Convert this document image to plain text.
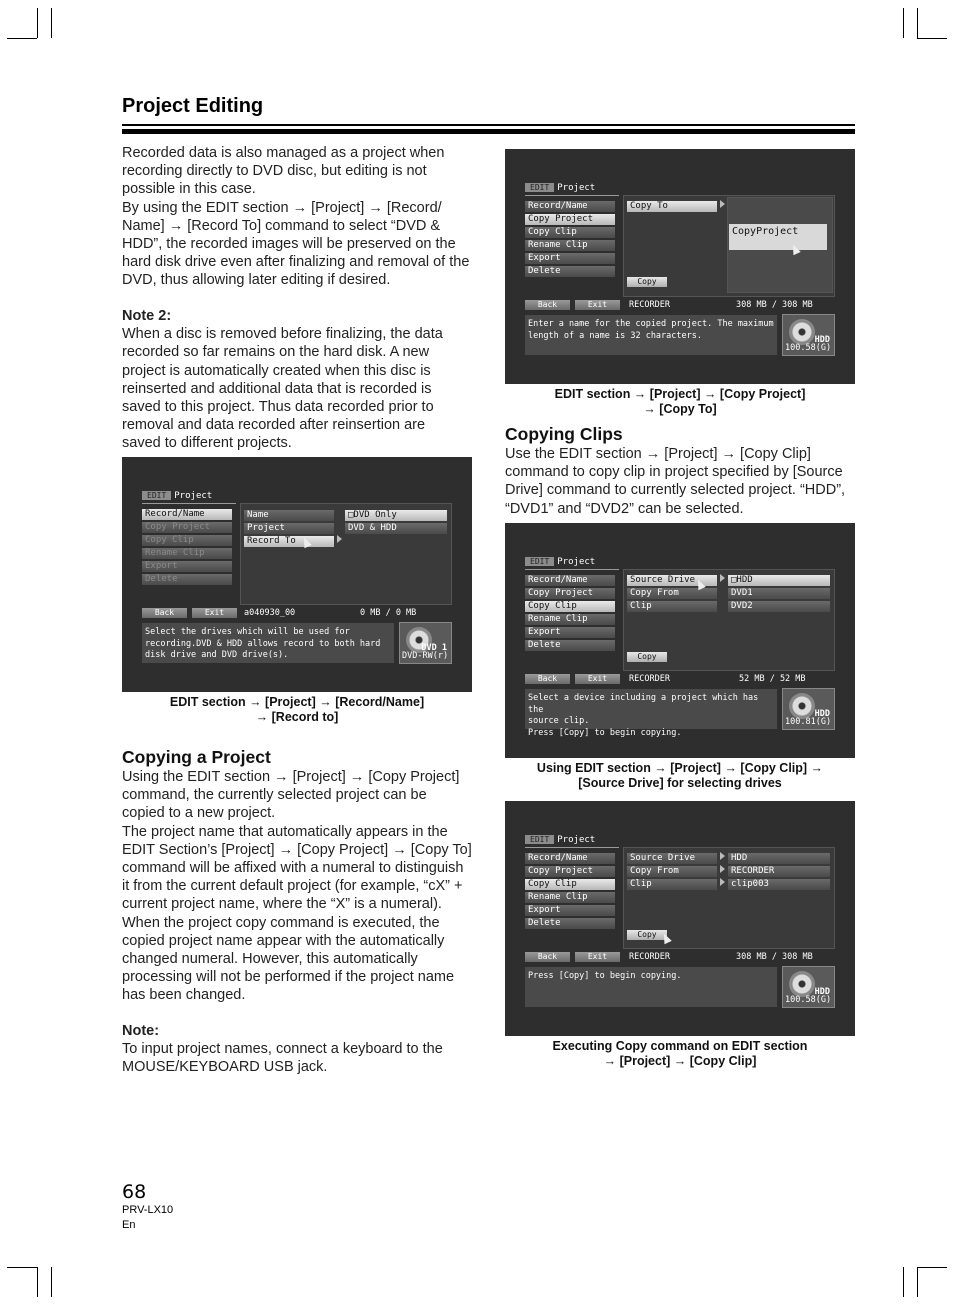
Project Editing

Recorded data is also managed as a project when recording directly to DVD disc, but editing is not possible in this case.

By using the EDIT section → [Project] → [Record/ Name] → [Record To] command to select “DVD & HDD”, the recorded images will be preserved on the hard disk drive even after finalizing and removal of the DVD, thus allowing later editing if desired.

Note 2:

When a disc is removed before finalizing, the data recorded so far remains on the hard disk. A new project is automatically created when this disc is reinserted and additional data that is recorded is saved to this project. Thus data recorded prior to removal and data recorded after reinsertion are saved to different projects.

EDIT Project
Record/Name
Copy Project
Copy Clip
Rename Clip
Export
Delete
Name
Project
Record To
□DVD Only
DVD & HDD
Back	Exit	a040930_00	0 MB / 0 MB
Select the drives which will be used for
recording.DVD & HDD allows record to both hard
disk drive and DVD drive(s).
DVD 1
DVD-RW(r)

EDIT section → [Project] → [Record/Name]

→ [Record to]

Copying a Project

Using the EDIT section → [Project] → [Copy Project] command, the currently selected project can be copied to a new project.

The project name that automatically appears in the EDIT Section’s [Project] → [Copy Project] → [Copy To] command will be affixed with a numeral to distinguish it from the current default project (for example, “cX” + current project name, where the “X” is a numeral). When the project copy command is executed, the copied project name appear with the automatically changed numeral. However, this automatically processing will not be performed if the project name has been changed.

Note:

To input project names, connect a keyboard to the MOUSE/KEYBOARD USB jack.

EDIT Project
Record/Name
Copy Project
Copy Clip
Rename Clip
Export
Delete
Copy To
CopyProject
Copy
Back	Exit	RECORDER	308 MB / 308 MB
Enter a name for the copied project. The maximum
length of a name is 32 characters.	HDD
100.58(G)

EDIT section → [Project] → [Copy Project]

→ [Copy To]

Copying Clips

Use the EDIT section → [Project] → [Copy Clip] command to copy clip in project specified by [Source Drive] command to currently selected project. “HDD”, “DVD1” and “DVD2” can be selected.

EDIT Project
Record/Name
Copy Project
Copy Clip
Rename Clip
Export
Delete
Source Drive
Copy From
Clip
□HDD
DVD1
DVD2
Copy
Back	Exit	RECORDER	52 MB / 52 MB
Select a device including a project which has the
source clip.
Press [Copy] to begin copying.
HDD
100.81(G)

Using EDIT section → [Project] → [Copy Clip] →

[Source Drive] for selecting drives

EDIT Project
Record/Name
Copy Project
Copy Clip
Rename Clip
Export
Delete
Source Drive
Copy From
Clip
HDD
RECORDER
clip003
Copy
Back	Exit	RECORDER	308 MB / 308 MB
Press [Copy] to begin copying.
HDD
100.58(G)

Executing Copy command on EDIT section

→ [Project] → [Copy Clip]

68
PRV-LX10
En
